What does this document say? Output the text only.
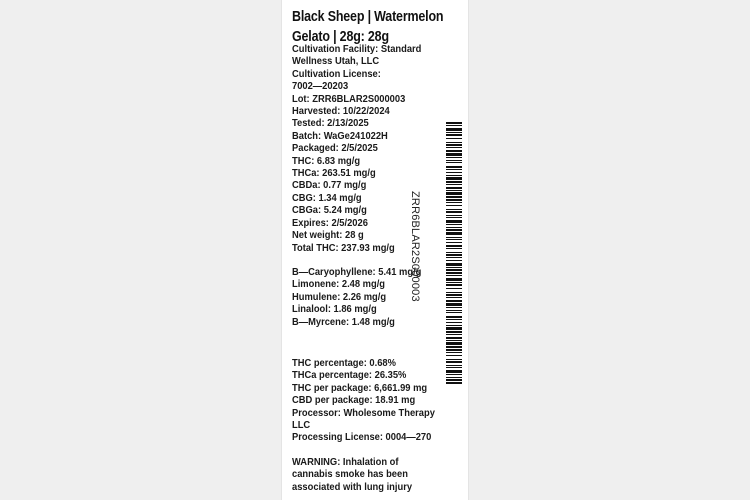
Black Sheep | Watermelon
Gelato | 28g: 28g
Cultivation Facility: Standard
Wellness Utah, LLC
Cultivation License:
7002—20203
Lot: ZRR6BLAR2S000003
Harvested: 10/22/2024
Tested: 2/13/2025
Batch: WaGe241022H
Packaged: 2/5/2025
THC: 6.83 mg/g
THCa: 263.51 mg/g
CBDa: 0.77 mg/g
CBG: 1.34 mg/g
CBGa: 5.24 mg/g
Expires: 2/5/2026
Net weight: 28 g
Total THC: 237.93 mg/g
B—Caryophyllene: 5.41 mg/g
Limonene: 2.48 mg/g
Humulene: 2.26 mg/g
Linalool: 1.86 mg/g
B—Myrcene: 1.48 mg/g
THC percentage: 0.68%
THCa percentage: 26.35%
THC per package: 6,661.99 mg
CBD per package: 18.91 mg
Processor: Wholesome Therapy
LLC
Processing License: 0004—270
WARNING: Inhalation of
cannabis smoke has been
associated with lung injury
ZRR6BLAR2S000003
